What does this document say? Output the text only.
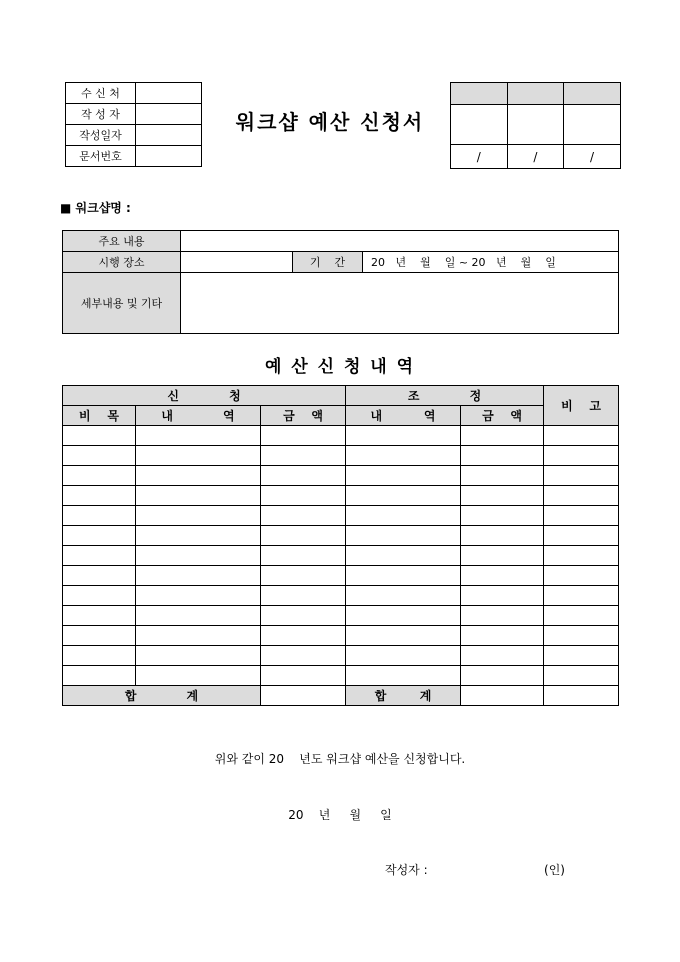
수 신 처	
작 성 자	
작성일자	
문서번호	
워크샵 예산 신청서

/	/	/
■ 워크샵명 :
주요 내용			
시행 장소		기    간	20   년    월    일 ~ 20   년    월    일
세부내용 및 기타			
예 산 신 청 내 역
신            청			조            정		비    고
비    목	내            역	금    액	내          역	금    액	

합            계			합        계		
위와 같이 20    년도 워크샵 예산을 신청합니다.
20    년     월     일
작성자 :	(인)
